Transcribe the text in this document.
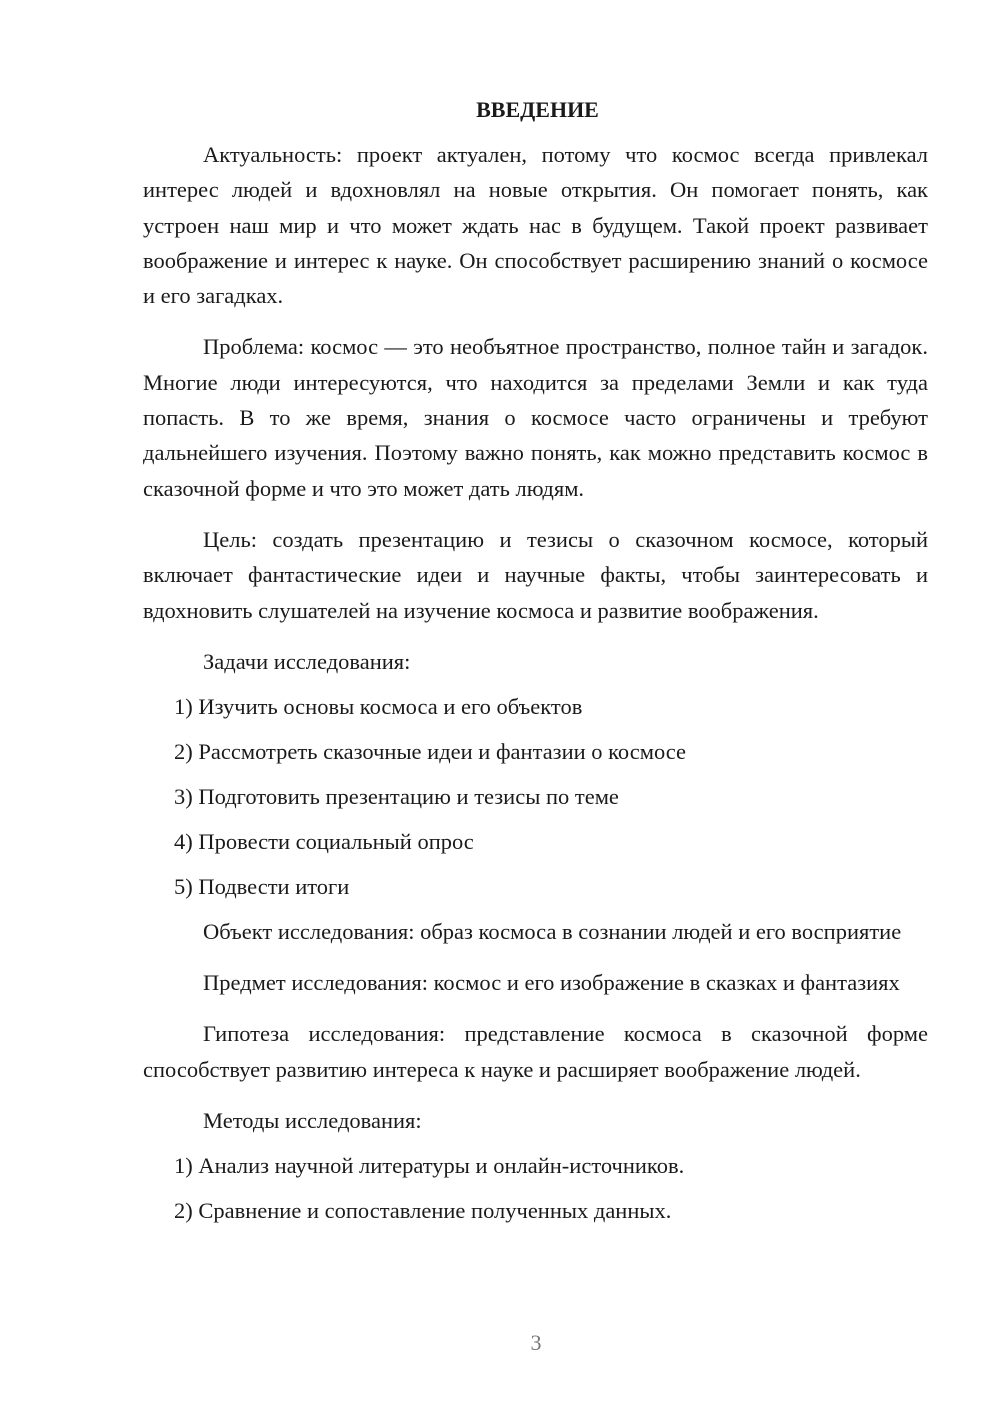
ВВЕДЕНИЕ

Актуальность: проект актуален, потому что космос всегда привлекал интерес людей и вдохновлял на новые открытия. Он помогает понять, как устроен наш мир и что может ждать нас в будущем. Такой проект развивает воображение и интерес к науке. Он способствует расширению знаний о космосе и его загадках.

Проблема: космос — это необъятное пространство, полное тайн и загадок. Многие люди интересуются, что находится за пределами Земли и как туда попасть. В то же время, знания о космосе часто ограничены и требуют дальнейшего изучения. Поэтому важно понять, как можно представить космос в сказочной форме и что это может дать людям.

Цель: создать презентацию и тезисы о сказочном космосе, который включает фантастические идеи и научные факты, чтобы заинтересовать и вдохновить слушателей на изучение космоса и развитие воображения.

Задачи исследования:

1) Изучить основы космоса и его объектов

2) Рассмотреть сказочные идеи и фантазии о космосе

3) Подготовить презентацию и тезисы по теме

4) Провести социальный опрос

5) Подвести итоги

Объект исследования: образ космоса в сознании людей и его восприятие

Предмет исследования: космос и его изображение в сказках и фантазиях

Гипотеза исследования: представление космоса в сказочной форме способствует развитию интереса к науке и расширяет воображение людей.

Методы исследования:

1) Анализ научной литературы и онлайн-источников.

2) Сравнение и сопоставление полученных данных.

3
